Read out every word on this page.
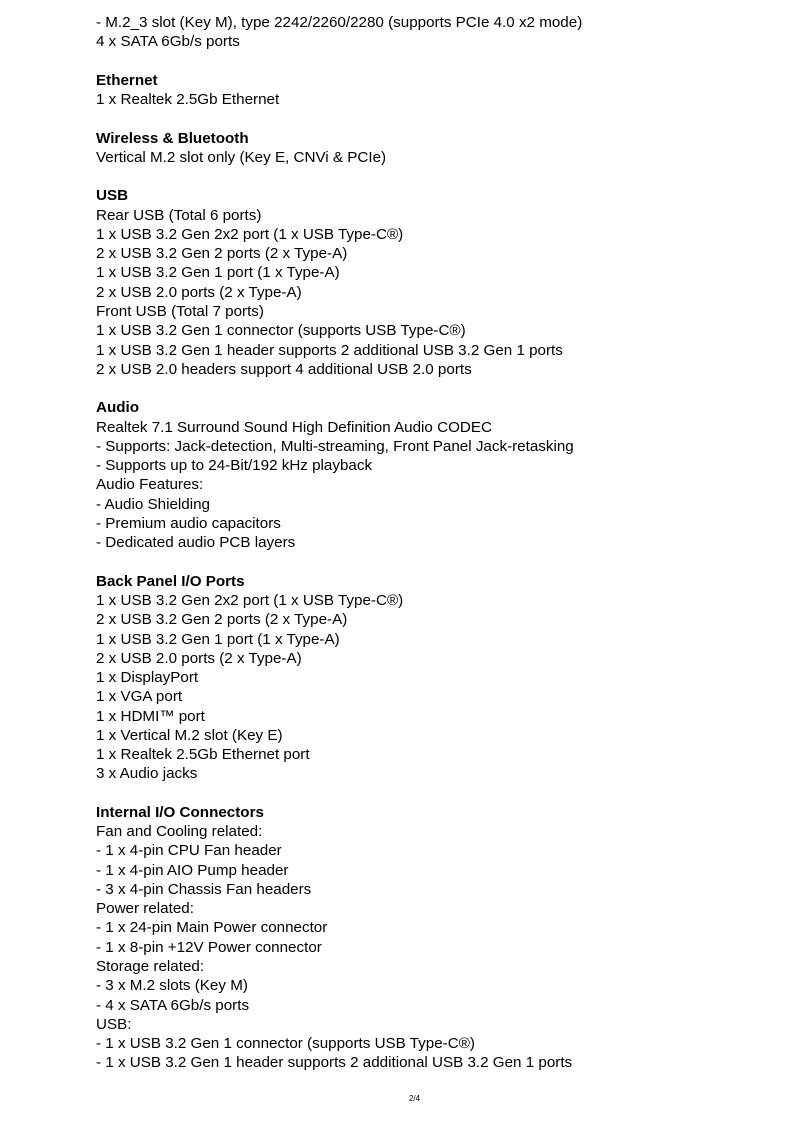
- M.2_3 slot (Key M), type 2242/2260/2280 (supports PCIe 4.0 x2 mode)
4 x SATA 6Gb/s ports
Ethernet
1 x Realtek 2.5Gb Ethernet
Wireless & Bluetooth
Vertical M.2 slot only (Key E, CNVi & PCIe)
USB
Rear USB (Total 6 ports)
1 x USB 3.2 Gen 2x2 port (1 x USB Type-C®)
2 x USB 3.2 Gen 2 ports (2 x Type-A)
1 x USB 3.2 Gen 1 port (1 x Type-A)
2 x USB 2.0 ports (2 x Type-A)
Front USB (Total 7 ports)
1 x USB 3.2 Gen 1 connector (supports USB Type-C®)
1 x USB 3.2 Gen 1 header supports 2 additional USB 3.2 Gen 1 ports
2 x USB 2.0 headers support 4 additional USB 2.0 ports
Audio
Realtek 7.1 Surround Sound High Definition Audio CODEC
- Supports: Jack-detection, Multi-streaming, Front Panel Jack-retasking
- Supports up to 24-Bit/192 kHz playback
Audio Features:
- Audio Shielding
- Premium audio capacitors
- Dedicated audio PCB layers
Back Panel I/O Ports
1 x USB 3.2 Gen 2x2 port (1 x USB Type-C®)
2 x USB 3.2 Gen 2 ports (2 x Type-A)
1 x USB 3.2 Gen 1 port (1 x Type-A)
2 x USB 2.0 ports (2 x Type-A)
1 x DisplayPort
1 x VGA port
1 x HDMI™ port
1 x Vertical M.2 slot (Key E)
1 x Realtek 2.5Gb Ethernet port
3 x Audio jacks
Internal I/O Connectors
Fan and Cooling related:
- 1 x 4-pin CPU Fan header
- 1 x 4-pin AIO Pump header
- 3 x 4-pin Chassis Fan headers
Power related:
- 1 x 24-pin Main Power connector
- 1 x 8-pin +12V Power connector
Storage related:
- 3 x M.2 slots (Key M)
- 4 x SATA 6Gb/s ports
USB:
- 1 x USB 3.2 Gen 1 connector (supports USB Type-C®)
- 1 x USB 3.2 Gen 1 header supports 2 additional USB 3.2 Gen 1 ports
2/4
